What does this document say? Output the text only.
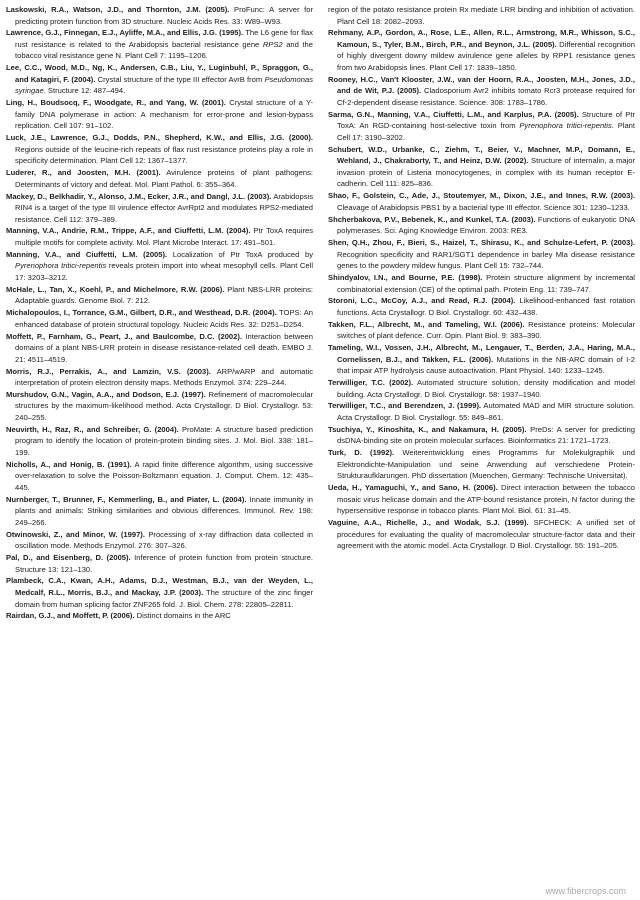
Laskowski, R.A., Watson, J.D., and Thornton, J.M. (2005). ProFunc: A server for predicting protein function from 3D structure. Nucleic Acids Res. 33: W89–W93.

Lawrence, G.J., Finnegan, E.J., Ayliffe, M.A., and Ellis, J.G. (1995). The L6 gene for flax rust resistance is related to the Arabidopsis bacterial resistance gene RPS2 and the tobacco viral resistance gene N. Plant Cell 7: 1195–1206.

Lee, C.C., Wood, M.D., Ng, K., Andersen, C.B., Liu, Y., Luginbuhl, P., Spraggon, G., and Katagiri, F. (2004). Crystal structure of the type III effector AvrB from Pseudomonas syringae. Structure 12: 487–494.

Ling, H., Boudsocq, F., Woodgate, R., and Yang, W. (2001). Crystal structure of a Y-family DNA polymerase in action: A mechanism for error-prone and lesion-bypass replication. Cell 107: 91–102.

Luck, J.E., Lawrence, G.J., Dodds, P.N., Shepherd, K.W., and Ellis, J.G. (2000). Regions outside of the leucine-rich repeats of flax rust resistance proteins play a role in specificity determination. Plant Cell 12: 1367–1377.

Luderer, R., and Joosten, M.H. (2001). Avirulence proteins of plant pathogens: Determinants of victory and defeat. Mol. Plant Pathol. 6: 355–364.

Mackey, D., Belkhadir, Y., Alonso, J.M., Ecker, J.R., and Dangl, J.L. (2003). Arabidopsis RIN4 is a target of the type III virulence effector AvrRpt2 and modulates RPS2-mediated resistance. Cell 112: 379–389.

Manning, V.A., Andrie, R.M., Trippe, A.F., and Ciuffetti, L.M. (2004). Ptr ToxA requires multiple motifs for complete activity. Mol. Plant Microbe Interact. 17: 491–501.

Manning, V.A., and Ciuffetti, L.M. (2005). Localization of Ptr ToxA produced by Pyrenophora tritici-repentis reveals protein import into wheat mesophyll cells. Plant Cell 17: 3203–3212.

McHale, L., Tan, X., Koehl, P., and Michelmore, R.W. (2006). Plant NBS-LRR proteins: Adaptable guards. Genome Biol. 7: 212.

Michalopoulos, I., Torrance, G.M., Gilbert, D.R., and Westhead, D.R. (2004). TOPS: An enhanced database of protein structural topology. Nucleic Acids Res. 32: D251–D254.

Moffett, P., Farnham, G., Peart, J., and Baulcombe, D.C. (2002). Interaction between domains of a plant NBS-LRR protein in disease resistance-related cell death. EMBO J. 21: 4511–4519.

Morris, R.J., Perrakis, A., and Lamzin, V.S. (2003). ARP/wARP and automatic interpretation of protein electron density maps. Methods Enzymol. 374: 229–244.

Murshudov, G.N., Vagin, A.A., and Dodson, E.J. (1997). Refinement of macromolecular structures by the maximum-likelihood method. Acta Crystallogr. D Biol. Crystallogr. 53: 240–255.

Neuvirth, H., Raz, R., and Schreiber, G. (2004). ProMate: A structure based prediction program to identify the location of protein-protein binding sites. J. Mol. Biol. 338: 181–199.

Nicholls, A., and Honig, B. (1991). A rapid finite difference algorithm, using successive over-relaxation to solve the Poisson-Boltzmann equation. J. Comput. Chem. 12: 435–445.

Nurnberger, T., Brunner, F., Kemmerling, B., and Piater, L. (2004). Innate immunity in plants and animals: Striking similarities and obvious differences. Immunol. Rev. 198: 249–266.

Otwinowski, Z., and Minor, W. (1997). Processing of x-ray diffraction data collected in oscillation mode. Methods Enzymol. 276: 307–326.

Pal, D., and Eisenberg, D. (2005). Inference of protein function from protein structure. Structure 13: 121–130.

Plambeck, C.A., Kwan, A.H., Adams, D.J., Westman, B.J., van der Weyden, L., Medcalf, R.L., Morris, B.J., and Mackay, J.P. (2003). The structure of the zinc finger domain from human splicing factor ZNF265 fold. J. Biol. Chem. 278: 22805–22811.

Rairdan, G.J., and Moffett, P. (2006). Distinct domains in the ARC

region of the potato resistance protein Rx mediate LRR binding and inhibition of activation. Plant Cell 18: 2082–2093.

Rehmany, A.P., Gordon, A., Rose, L.E., Allen, R.L., Armstrong, M.R., Whisson, S.C., Kamoun, S., Tyler, B.M., Birch, P.R., and Beynon, J.L. (2005). Differential recognition of highly divergent downy mildew avirulence gene alleles by RPP1 resistance genes from two Arabidopsis lines. Plant Cell 17: 1839–1850.

Rooney, H.C., Van't Klooster, J.W., van der Hoorn, R.A., Joosten, M.H., Jones, J.D., and de Wit, P.J. (2005). Cladosporium Avr2 inhibits tomato Rcr3 protease required for Cf-2-dependent disease resistance. Science. 308: 1783–1786.

Sarma, G.N., Manning, V.A., Ciuffetti, L.M., and Karplus, P.A. (2005). Structure of Ptr ToxA: An RGD-containing host-selective toxin from Pyrenophora tritici-repentis. Plant Cell 17: 3190–3202.

Schubert, W.D., Urbanke, C., Ziehm, T., Beier, V., Machner, M.P., Domann, E., Wehland, J., Chakraborty, T., and Heinz, D.W. (2002). Structure of internalin, a major invasion protein of Listeria monocytogenes, in complex with its human receptor E-cadherin. Cell 111: 825–836.

Shao, F., Golstein, C., Ade, J., Stoutemyer, M., Dixon, J.E., and Innes, R.W. (2003). Cleavage of Arabidopsis PBS1 by a bacterial type III effector. Science 301: 1230–1233.

Shcherbakova, P.V., Bebenek, K., and Kunkel, T.A. (2003). Functions of eukaryotic DNA polymerases. Sci. Aging Knowledge Environ. 2003: RE3.

Shen, Q.H., Zhou, F., Bieri, S., Haizel, T., Shirasu, K., and Schulze-Lefert, P. (2003). Recognition specificity and RAR1/SGT1 dependence in barley Mla disease resistance genes to the powdery mildew fungus. Plant Cell 15: 732–744.

Shindyalov, I.N., and Bourne, P.E. (1998). Protein structure alignment by incremental combinatorial extension (CE) of the optimal path. Protein Eng. 11: 739–747.

Storoni, L.C., McCoy, A.J., and Read, R.J. (2004). Likelihood-enhanced fast rotation functions. Acta Crystallogr. D Biol. Crystallogr. 60: 432–438.

Takken, F.L., Albrecht, M., and Tameling, W.I. (2006). Resistance proteins: Molecular switches of plant defence. Curr. Opin. Plant Biol. 9: 383–390.

Tameling, W.I., Vossen, J.H., Albrecht, M., Lengauer, T., Berden, J.A., Haring, M.A., Cornelissen, B.J., and Takken, F.L. (2006). Mutations in the NB-ARC domain of I-2 that impair ATP hydrolysis cause autoactivation. Plant Physiol. 140: 1233–1245.

Terwilliger, T.C. (2002). Automated structure solution, density modification and model building. Acta Crystallogr. D Biol. Crystallogr. 58: 1937–1940.

Terwilliger, T.C., and Berendzen, J. (1999). Automated MAD and MIR structure solution. Acta Crystallogr. D Biol. Crystallogr. 55: 849–861.

Tsuchiya, Y., Kinoshita, K., and Nakamura, H. (2005). PreDs: A server for predicting dsDNA-binding site on protein molecular surfaces. Bioinformatics 21: 1721–1723.

Turk, D. (1992). Weiterentwicklung eines Programms fur Molekulgraphik und Elektrondichte-Manipulation und seine Anwendung auf verschiedene Protein-Strukturaufklarungen. PhD dissertation (Muenchen, Germany: Technische Universitat).

Ueda, H., Yamaguchi, Y., and Sano, H. (2006). Direct interaction between the tobacco mosaic virus helicase domain and the ATP-bound resistance protein, N factor during the hypersensitive response in tobacco plants. Plant Mol. Biol. 61: 31–45.

Vaguine, A.A., Richelle, J., and Wodak, S.J. (1999). SFCHECK: A unified set of procedures for evaluating the quality of macromolecular structure-factor data and their agreement with the atomic model. Acta Crystallogr. D Biol. Crystallogr. 55: 191–205.

www.fibercrops.com
